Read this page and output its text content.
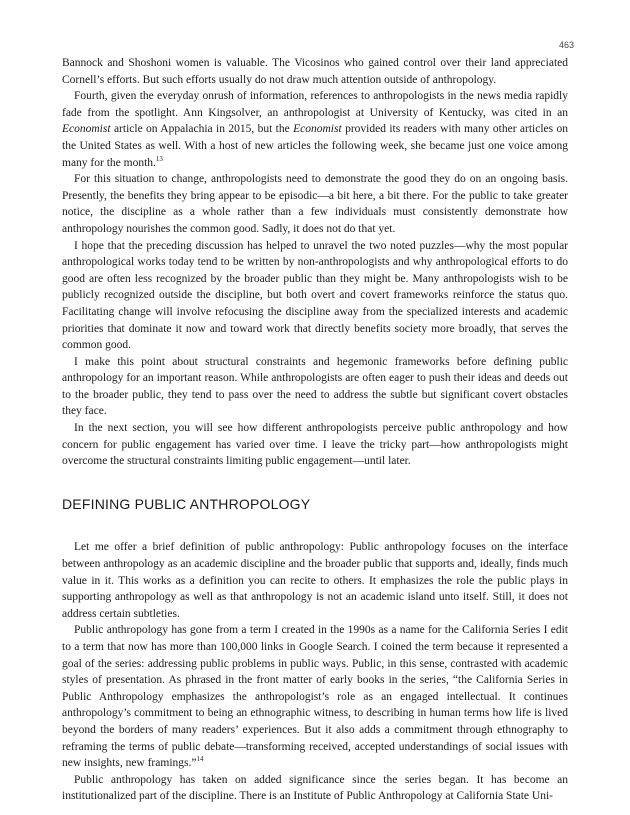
463

Bannock and Shoshoni women is valuable. The Vicosinos who gained control over their land appreciated Cornell’s efforts. But such efforts usually do not draw much attention outside of anthropology.

Fourth, given the everyday onrush of information, references to anthropologists in the news media rapidly fade from the spotlight. Ann Kingsolver, an anthropologist at University of Kentucky, was cited in an Economist article on Appalachia in 2015, but the Economist provided its readers with many other articles on the United States as well. With a host of new articles the following week, she became just one voice among many for the month.$^{13}$

For this situation to change, anthropologists need to demonstrate the good they do on an ongoing basis. Presently, the benefits they bring appear to be episodic—a bit here, a bit there. For the public to take greater notice, the discipline as a whole rather than a few individuals must consistently demonstrate how anthropology nourishes the common good. Sadly, it does not do that yet.

I hope that the preceding discussion has helped to unravel the two noted puzzles—why the most popular anthropological works today tend to be written by non-anthropologists and why anthropological efforts to do good are often less recognized by the broader public than they might be. Many anthropologists wish to be publicly recognized outside the discipline, but both overt and covert frameworks reinforce the status quo. Facilitating change will involve refocusing the discipline away from the specialized interests and academic priorities that dominate it now and toward work that directly benefits society more broadly, that serves the common good.

I make this point about structural constraints and hegemonic frameworks before defining public anthropology for an important reason. While anthropologists are often eager to push their ideas and deeds out to the broader public, they tend to pass over the need to address the subtle but significant covert obstacles they face.

In the next section, you will see how different anthropologists perceive public anthropology and how concern for public engagement has varied over time. I leave the tricky part—how anthropologists might overcome the structural constraints limiting public engagement—until later.

DEFINING PUBLIC ANTHROPOLOGY

Let me offer a brief definition of public anthropology: Public anthropology focuses on the interface between anthropology as an academic discipline and the broader public that supports and, ideally, finds much value in it. This works as a definition you can recite to others. It emphasizes the role the public plays in supporting anthropology as well as that anthropology is not an academic island unto itself. Still, it does not address certain subtleties.

Public anthropology has gone from a term I created in the 1990s as a name for the California Series I edit to a term that now has more than 100,000 links in Google Search. I coined the term because it represented a goal of the series: addressing public problems in public ways. Public, in this sense, contrasted with academic styles of presentation. As phrased in the front matter of early books in the series, “the California Series in Public Anthropology emphasizes the anthropologist’s role as an engaged intellectual. It continues anthropology’s commitment to being an ethnographic witness, to describing in human terms how life is lived beyond the borders of many readers’ experiences. But it also adds a commitment through ethnography to reframing the terms of public debate—transforming received, accepted understandings of social issues with new insights, new framings.”$^{14}$

Public anthropology has taken on added significance since the series began. It has become an institutionalized part of the discipline. There is an Institute of Public Anthropology at California State Uni-
